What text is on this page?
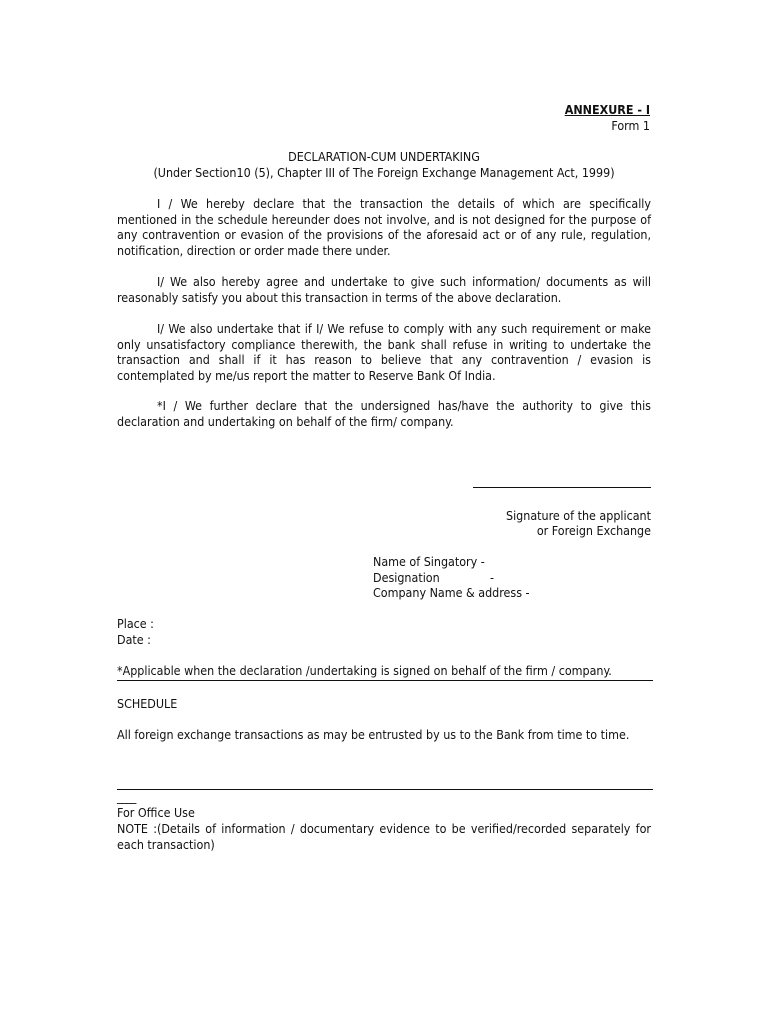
ANNEXURE - I
Form 1
DECLARATION-CUM UNDERTAKING
(Under Section10 (5), Chapter III of The Foreign Exchange Management Act, 1999)
I / We hereby declare that the transaction the details of which are specifically mentioned in the schedule hereunder does not involve, and is not designed for the purpose of any contravention or evasion of the provisions of the aforesaid act or of any rule, regulation, notification, direction or order made there under.
I/ We also hereby agree and undertake to give such information/ documents as will reasonably satisfy you about this transaction in terms of the above declaration.
I/ We also undertake that if I/ We refuse to comply with any such requirement or make only unsatisfactory compliance therewith, the bank shall refuse in writing to undertake the transaction and shall if it has reason to believe that any contravention / evasion is contemplated by me/us report the matter to Reserve Bank Of India.
*I / We further declare that the undersigned has/have the authority to give this declaration and undertaking on behalf of the firm/ company.
Signature of the applicant
or Foreign Exchange
Name of Singatory -
Designation	-
Company Name & address -
Place :
Date :
*Applicable when the declaration /undertaking is signed on behalf of the firm / company.
SCHEDULE
All foreign exchange transactions as may be entrusted by us to the Bank from time to time.
____
For Office Use
NOTE :(Details of information / documentary evidence to be verified/recorded separately for each transaction)
